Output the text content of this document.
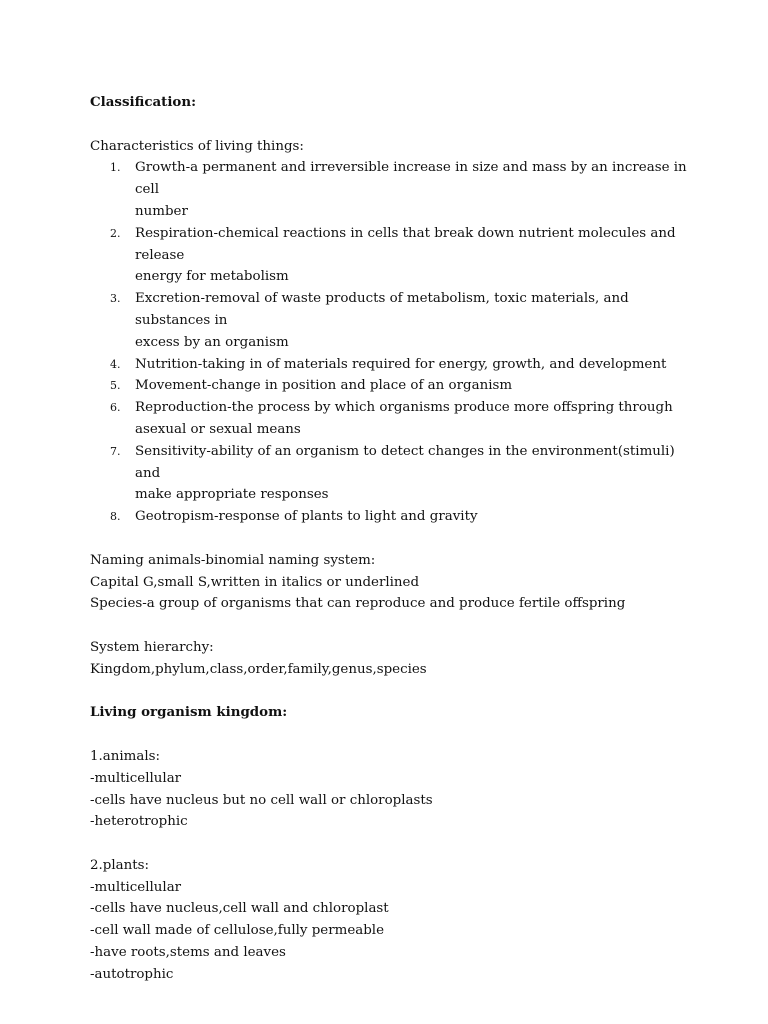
Classification:

Characteristics of living things:

1. Growth-a permanent and irreversible increase in size and mass by an increase in cell
number
2. Respiration-chemical reactions in cells that break down nutrient molecules and release
energy for metabolism
3. Excretion-removal of waste products of metabolism, toxic materials, and substances in
excess by an organism
4. Nutrition-taking in of materials required for energy, growth, and development
5. Movement-change in position and place of an organism
6. Reproduction-the process by which organisms produce more offspring through
asexual or sexual means
7. Sensitivity-ability of an organism to detect changes in the environment(stimuli) and
make appropriate responses
8. Geotropism-response of plants to light and gravity

Naming animals-binomial naming system:

Capital G,small S,written in italics or underlined

Species-a group of organisms that can reproduce and produce fertile offspring

System hierarchy:

Kingdom,phylum,class,order,family,genus,species

Living organism kingdom:

1.animals:

-multicellular

-cells have nucleus but no cell wall or chloroplasts

-heterotrophic

2.plants:

-multicellular

-cells have nucleus,cell wall and chloroplast

-cell wall made of cellulose,fully permeable

-have roots,stems and leaves

-autotrophic
